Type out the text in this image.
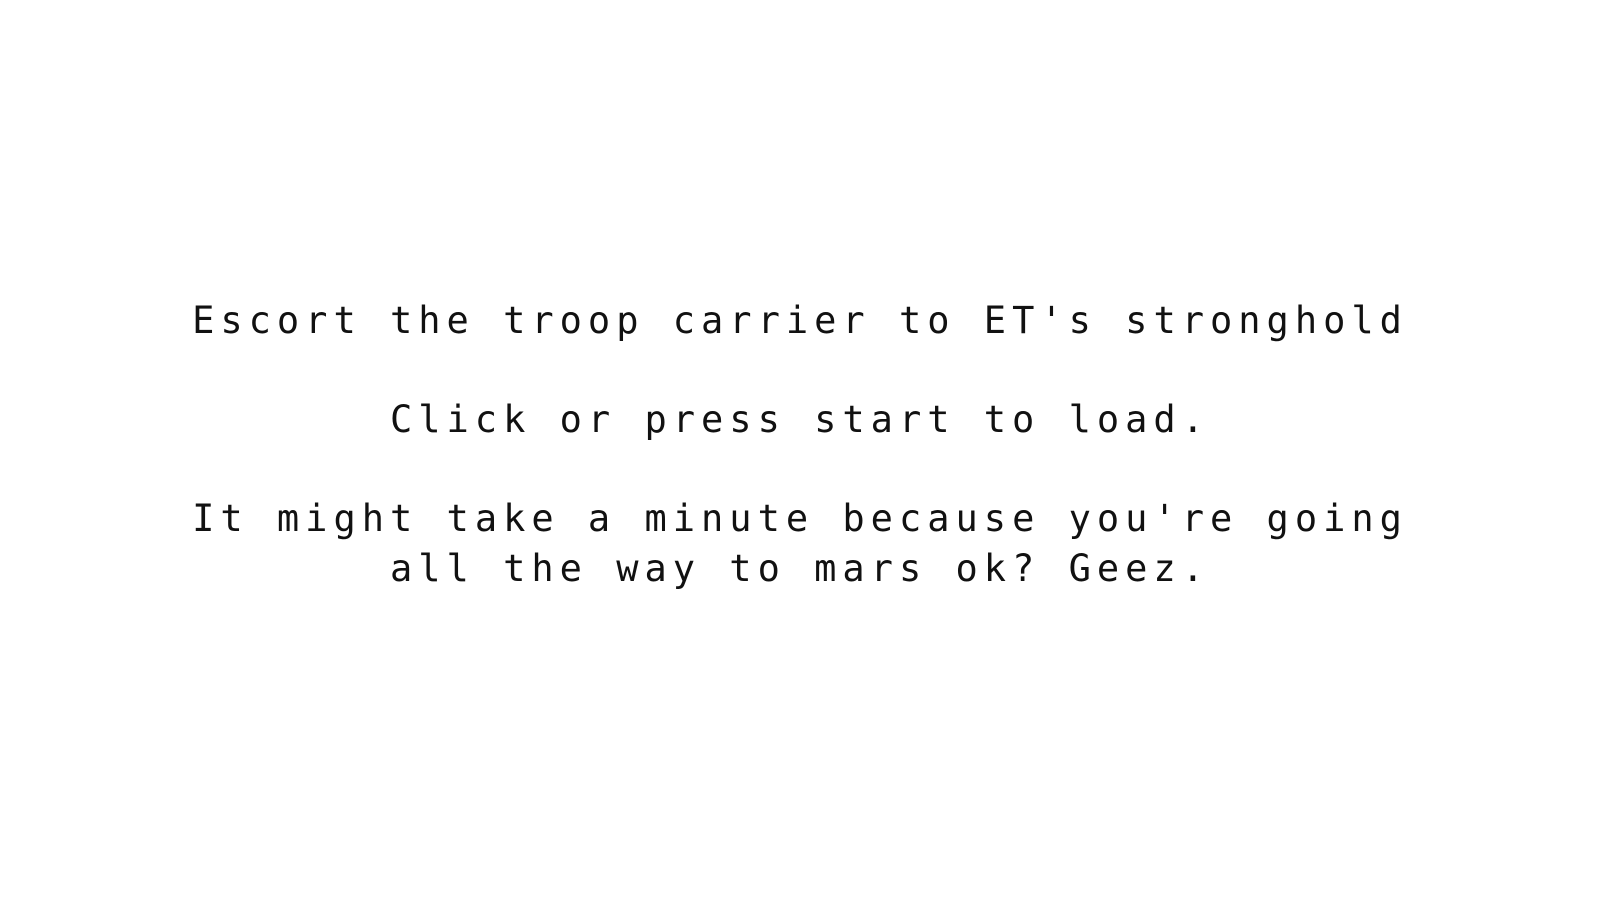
Escort the troop carrier to ET's stronghold
Click or press start to load.
It might take a minute because you're going
all the way to mars ok? Geez.
